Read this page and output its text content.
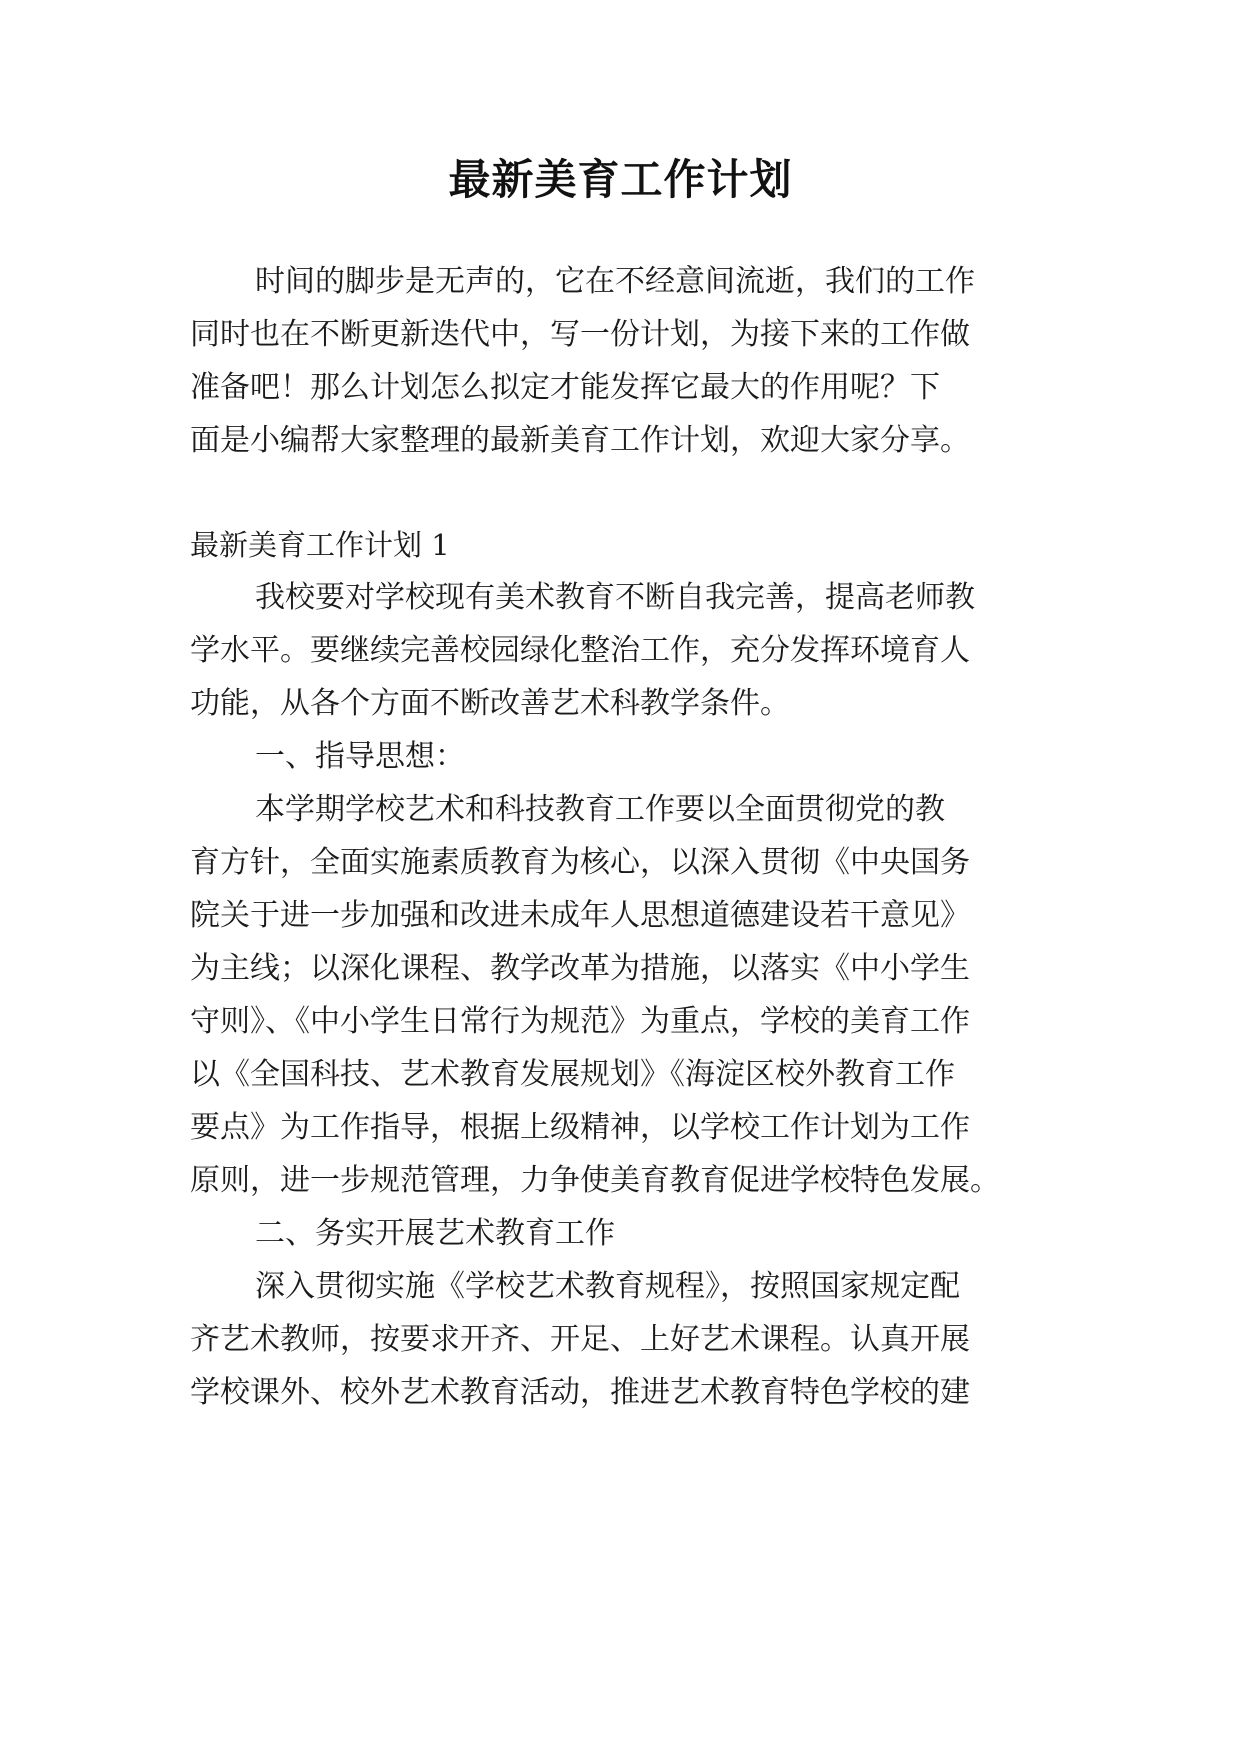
最新美育工作计划
时间的脚步是无声的，它在不经意间流逝，我们的工作
同时也在不断更新迭代中，写一份计划，为接下来的工作做
准备吧！那么计划怎么拟定才能发挥它最大的作用呢？下
面是小编帮大家整理的最新美育工作计划，欢迎大家分享。
最新美育工作计划 1
我校要对学校现有美术教育不断自我完善，提高老师教
学水平。要继续完善校园绿化整治工作，充分发挥环境育人
功能，从各个方面不断改善艺术科教学条件。
一、指导思想：
本学期学校艺术和科技教育工作要以全面贯彻党的教
育方针，全面实施素质教育为核心，以深入贯彻《中央国务
院关于进一步加强和改进未成年人思想道德建设若干意见》
为主线；以深化课程、教学改革为措施，以落实《中小学生
守则》、《中小学生日常行为规范》为重点，学校的美育工作
以《全国科技、艺术教育发展规划》《海淀区校外教育工作
要点》为工作指导，根据上级精神，以学校工作计划为工作
原则，进一步规范管理，力争使美育教育促进学校特色发展。
二、务实开展艺术教育工作
深入贯彻实施《学校艺术教育规程》，按照国家规定配
齐艺术教师，按要求开齐、开足、上好艺术课程。认真开展
学校课外、校外艺术教育活动，推进艺术教育特色学校的建
